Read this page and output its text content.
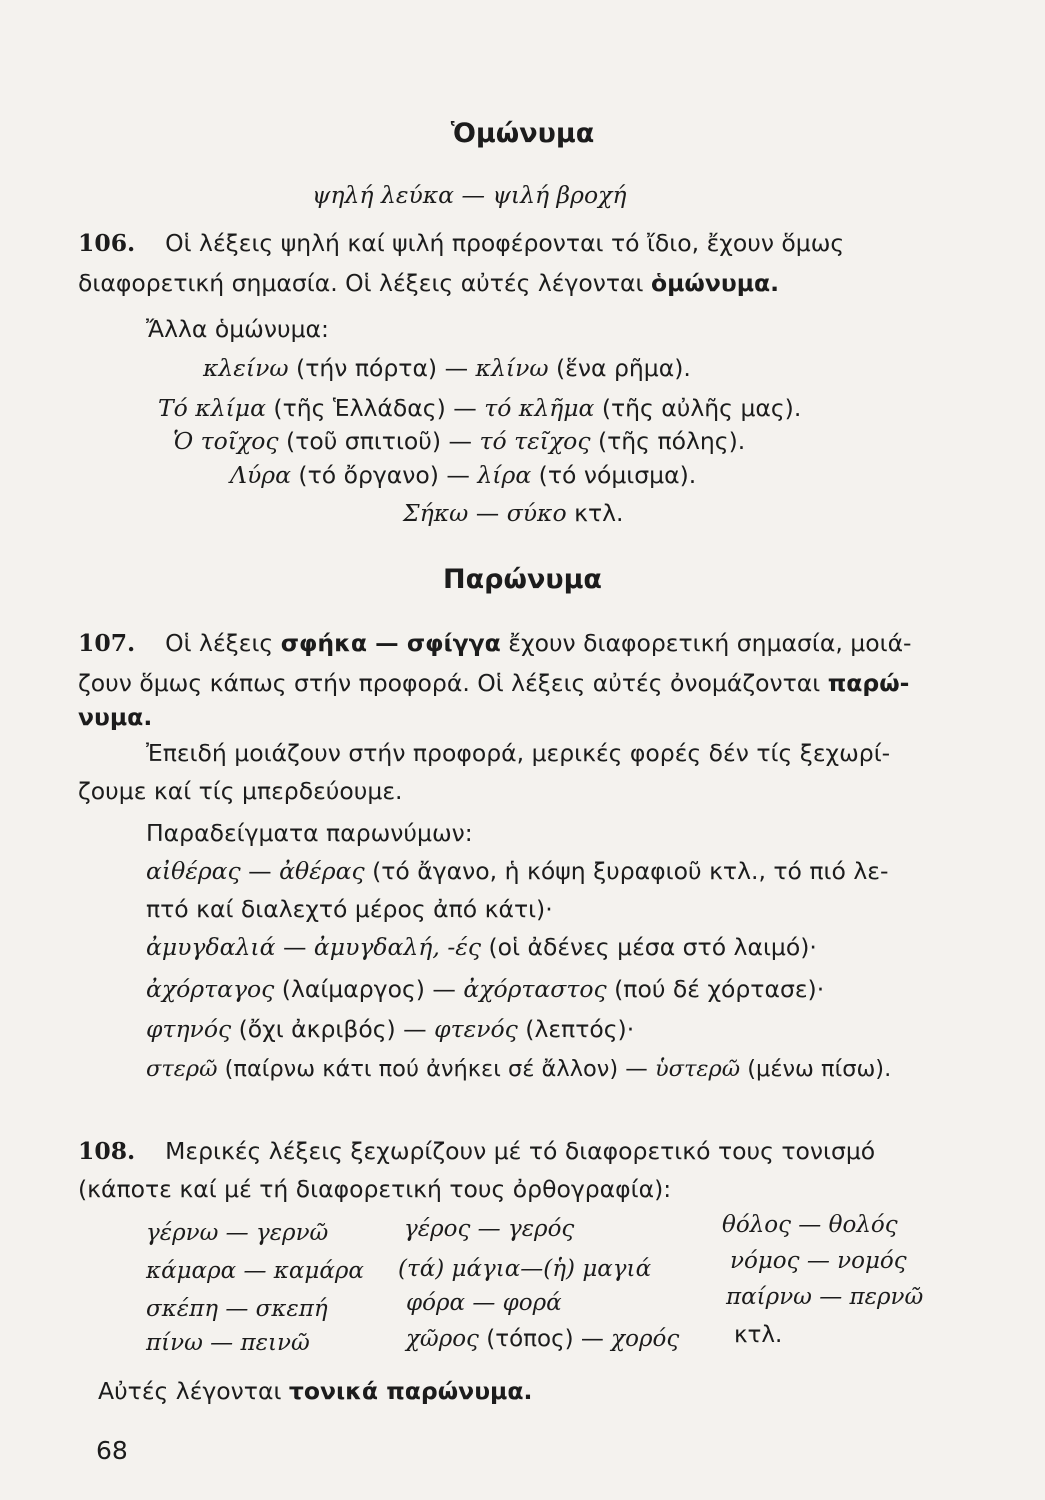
Ὁμώνυμα
ψηλή λεύκα — ψιλή βροχή
106. Οἱ λέξεις ψηλή καί ψιλή προφέρονται τό ἴδιο, ἔχουν ὅμως
διαφορετική σημασία. Οἱ λέξεις αὐτές λέγονται ὁμώνυμα.
Ἄλλα ὁμώνυμα:
κλείνω (τήν πόρτα) — κλίνω (ἕνα ρῆμα).
Τό κλίμα (τῆς Ἑλλάδας) — τό κλῆμα (τῆς αὐλῆς μας).
Ὁ τοῖχος (τοῦ σπιτιοῦ) — τό τεῖχος (τῆς πόλης).
Λύρα (τό ὄργανο) — λίρα (τό νόμισμα).
Σήκω — σύκο κτλ.
Παρώνυμα
107. Οἱ λέξεις σφήκα — σφίγγα ἔχουν διαφορετική σημασία, μοιά-
ζουν ὅμως κάπως στήν προφορά. Οἱ λέξεις αὐτές ὀνομάζονται παρώ-
νυμα.
Ἐπειδή μοιάζουν στήν προφορά, μερικές φορές δέν τίς ξεχωρί-
ζουμε καί τίς μπερδεύουμε.
Παραδείγματα παρωνύμων:
αἰθέρας — ἀθέρας (τό ἄγανο, ἡ κόψη ξυραφιοῦ κτλ., τό πιό λε-
πτό καί διαλεχτό μέρος ἀπό κάτι)·
ἀμυγδαλιά — ἀμυγδαλή, -ές (οἱ ἀδένες μέσα στό λαιμό)·
ἀχόρταγος (λαίμαργος) — ἀχόρταστος (πού δέ χόρτασε)·
φτηνός (ὄχι ἀκριβός) — φτενός (λεπτός)·
στερῶ (παίρνω κάτι πού ἀνήκει σέ ἄλλον) — ὑστερῶ (μένω πίσω).
108. Μερικές λέξεις ξεχωρίζουν μέ τό διαφορετικό τους τονισμό
(κάποτε καί μέ τή διαφορετική τους ὀρθογραφία):
γέρνω — γερνῶ
κάμαρα — καμάρα
σκέπη — σκεπή
πίνω — πεινῶ
γέρος — γερός
(τά) μάγια—(ἡ) μαγιά
φόρα — φορά
χῶρος (τόπος) — χορός
θόλος — θολός
νόμος — νομός
παίρνω — περνῶ
κτλ.
Αὐτές λέγονται τονικά παρώνυμα.
68
